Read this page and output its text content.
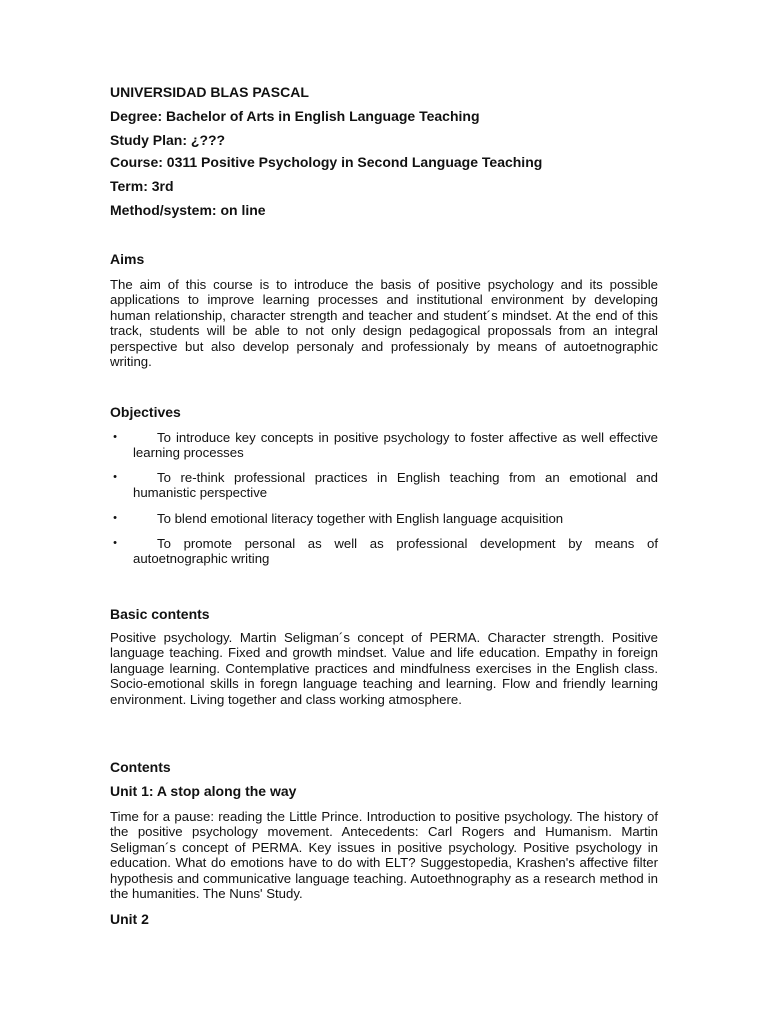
UNIVERSIDAD BLAS PASCAL
Degree: Bachelor of Arts in English Language Teaching
Study Plan: ¿???
Course: 0311 Positive Psychology in Second Language Teaching
Term: 3rd
Method/system: on line
Aims
The aim of this course is to introduce the basis of positive psychology and its possible applications to improve learning processes and institutional environment by developing human relationship, character strength and teacher and student´s mindset. At the end of this track, students will be able to not only design pedagogical propossals from an integral perspective but also develop personaly and professionaly by means of autoetnographic writing.
Objectives
•	To introduce key concepts in positive psychology to foster affective as well effective learning processes
•	To re-think professional practices in English teaching from an emotional and humanistic perspective
•	To blend emotional literacy together with English language acquisition
•	To promote personal as well as professional development by means of autoetnographic writing
Basic contents
Positive psychology. Martin Seligman´s concept of PERMA. Character strength. Positive language teaching. Fixed and growth mindset. Value and life education. Empathy in foreign language learning. Contemplative practices and mindfulness exercises in the English class. Socio-emotional skills in foregn language teaching and learning. Flow and friendly learning environment. Living together and class working atmosphere.
Contents
Unit 1: A stop along the way
Time for a pause: reading the Little Prince. Introduction to positive psychology. The history of the positive psychology movement. Antecedents: Carl Rogers and Humanism. Martin Seligman´s concept of PERMA. Key issues in positive psychology. Positive psychology in education. What do emotions have to do with ELT? Suggestopedia, Krashen's affective filter hypothesis and communicative language teaching. Autoethnography as a research method in the humanities. The Nuns' Study.
Unit 2
